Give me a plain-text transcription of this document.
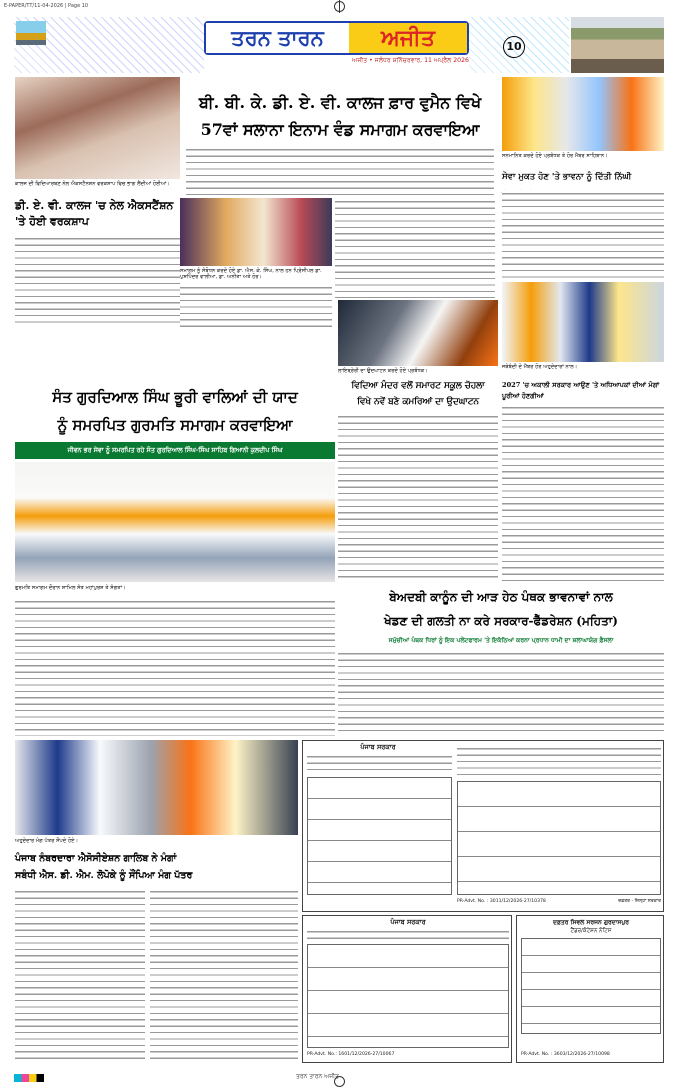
E-PAPER/TT/11-04-2026 | Page 10
ਤਰਨ ਤਾਰਨ	ਅਜੀਤ
ਅਜੀਤ • ਜਲੰਧਰ ਸ਼ਨਿੱਚਰਵਾਰ, 11 ਅਪ੍ਰੈਲ 2026
10
ਕਾਲਜ ਦੀ ਵਿਦਿਆਰਥਣ ਨੇਲ ਐਕਸਟੈਨਸ਼ਨ ਵਰਕਸ਼ਾਪ ਵਿਚ ਭਾਗ ਲੈਂਦੀਆਂ ਹੋਈਆਂ।
ਡੀ. ਏ. ਵੀ. ਕਾਲਜ 'ਚ ਨੇਲ ਐਕਸਟੈਂਸ਼ਨ 'ਤੇ ਹੋਈ ਵਰਕਸ਼ਾਪ
ਬੀ. ਬੀ. ਕੇ. ਡੀ. ਏ. ਵੀ. ਕਾਲਜ ਫ਼ਾਰ ਵੁਮੈਨ ਵਿਖੇ
57ਵਾਂ ਸਲਾਨਾ ਇਨਾਮ ਵੰਡ ਸਮਾਗਮ ਕਰਵਾਇਆ
ਸਮਾਗਮ ਨੂੰ ਸੰਬੋਧਨ ਕਰਦੇ ਹੋਏ ਡਾ. ਐਸ. ਕੇ. ਸਿੰਘ, ਨਾਲ ਹਨ ਪ੍ਰਿੰਸੀਪਲ ਡਾ. ਪੁਸ਼ਪਿੰਦਰ ਵਾਲੀਆ, ਡਾ. ਅਨੀਤਾ ਅਤੇ ਹੋਰ।
ਸਨਮਾਨਿਤ ਕਰਦੇ ਹੋਏ ਪ੍ਰਬੰਧਕ ਤੇ ਹੋਰ ਮੈਂਬਰ ਸਾਹਿਬਾਨ।
ਸੇਵਾ ਮੁਕਤ ਹੋਣ 'ਤੇ ਭਾਵਨਾ ਨੂੰ ਦਿੱਤੀ ਨਿੱਘੀ
ਜਥੇਬੰਦੀ ਦੇ ਮੈਂਬਰ ਹੋਰ ਅਹੁਦੇਦਾਰਾਂ ਨਾਲ।
ਲਾਇਬ੍ਰੇਰੀ ਦਾ ਉਦਘਾਟਨ ਕਰਦੇ ਹੋਏ ਪ੍ਰਬੰਧਕ।
ਵਿਦਿਆ ਮੰਦਰ ਵਲੋਂ ਸਮਾਰਟ ਸਕੂਲ ਚੋਹਲਾ
ਵਿਖੇ ਨਵੇਂ ਬਣੇ ਕਮਰਿਆਂ ਦਾ ਉਦਘਾਟਨ
2027 'ਚ ਅਕਾਲੀ ਸਰਕਾਰ ਆਉਣ 'ਤੇ ਅਧਿਆਪਕਾਂ ਦੀਆਂ ਮੰਗਾਂ ਪੂਰੀਆਂ ਹੋਣਗੀਆਂ
ਸੰਤ ਗੁਰਦਿਆਲ ਸਿੰਘ ਭੂਰੀ ਵਾਲਿਆਂ ਦੀ ਯਾਦ
ਨੂੰ ਸਮਰਪਿਤ ਗੁਰਮਤਿ ਸਮਾਗਮ ਕਰਵਾਇਆ
ਜੀਵਨ ਭਰ ਸੇਵਾ ਨੂੰ ਸਮਰਪਿਤ ਰਹੇ ਸੰਤ ਗੁਰਦਿਆਲ ਸਿੰਘ-ਸਿੰਘ ਸਾਹਿਬ ਗਿਆਨੀ ਕੁਲਦੀਪ ਸਿੰਘ
ਗੁਰਮਤਿ ਸਮਾਗਮ ਦੌਰਾਨ ਸ਼ਾਮਿਲ ਸੰਤ ਮਹਾਂਪੁਰਸ਼ ਤੇ ਸੰਗਤਾਂ।
ਬੇਅਦਬੀ ਕਾਨੂੰਨ ਦੀ ਆੜ ਹੇਠ ਪੰਥਕ ਭਾਵਨਾਵਾਂ ਨਾਲ
ਖੇਡਣ ਦੀ ਗਲਤੀ ਨਾ ਕਰੇ ਸਰਕਾਰ-ਫੈੱਡਰੇਸ਼ਨ (ਮਹਿਤਾ)
ਸਮੁੱਚੀਆਂ ਪੰਥਕ ਧਿਰਾਂ ਨੂੰ ਇਕ ਪਲੇਟਫਾਰਮ 'ਤੇ ਇਕੱਠਿਆਂ ਕਰਨਾ ਪ੍ਰਧਾਨ ਧਾਮੀ ਦਾ ਸ਼ਲਾਘਾਯੋਗ ਫ਼ੈਸਲਾ
ਅਹੁਦੇਦਾਰ ਮੰਗ ਪੱਤਰ ਸੌਂਪਦੇ ਹੋਏ।
ਪੰਜਾਬ ਨੰਬਰਦਾਰਾ ਐਸੋਸੀਏਸ਼ਨ ਗਾਲਿਬ ਨੇ ਮੰਗਾਂ
ਸਬੰਧੀ ਐਸ. ਡੀ. ਐਮ. ਲੋਪੋਕੇ ਨੂੰ ਸੌਂਪਿਆ ਮੰਗ ਪੱਤਰ
ਪੰਜਾਬ ਸਰਕਾਰ
PR-Advt. No. : 3011/12/2026-27/10378	ਦਫ਼ਤਰ - ਜ਼ਿਲ੍ਹਾ ਸਰਕਾਰ
ਪੰਜਾਬ ਸਰਕਾਰ
PR-Advt. No.: 1601/12/2026-27/10067
ਦਫ਼ਤਰ ਸਿਵਲ ਸਰਜਨ ਗੁਰਦਾਸਪੁਰ
ਟੈਂਡਰ/ਕੋਟੇਸ਼ਨ ਨੋਟਿਸ
PR-Advt. No. : 3603/12/2026-27/10098
ਤਰਨ ਤਾਰਨ ਅਜੀਤ
